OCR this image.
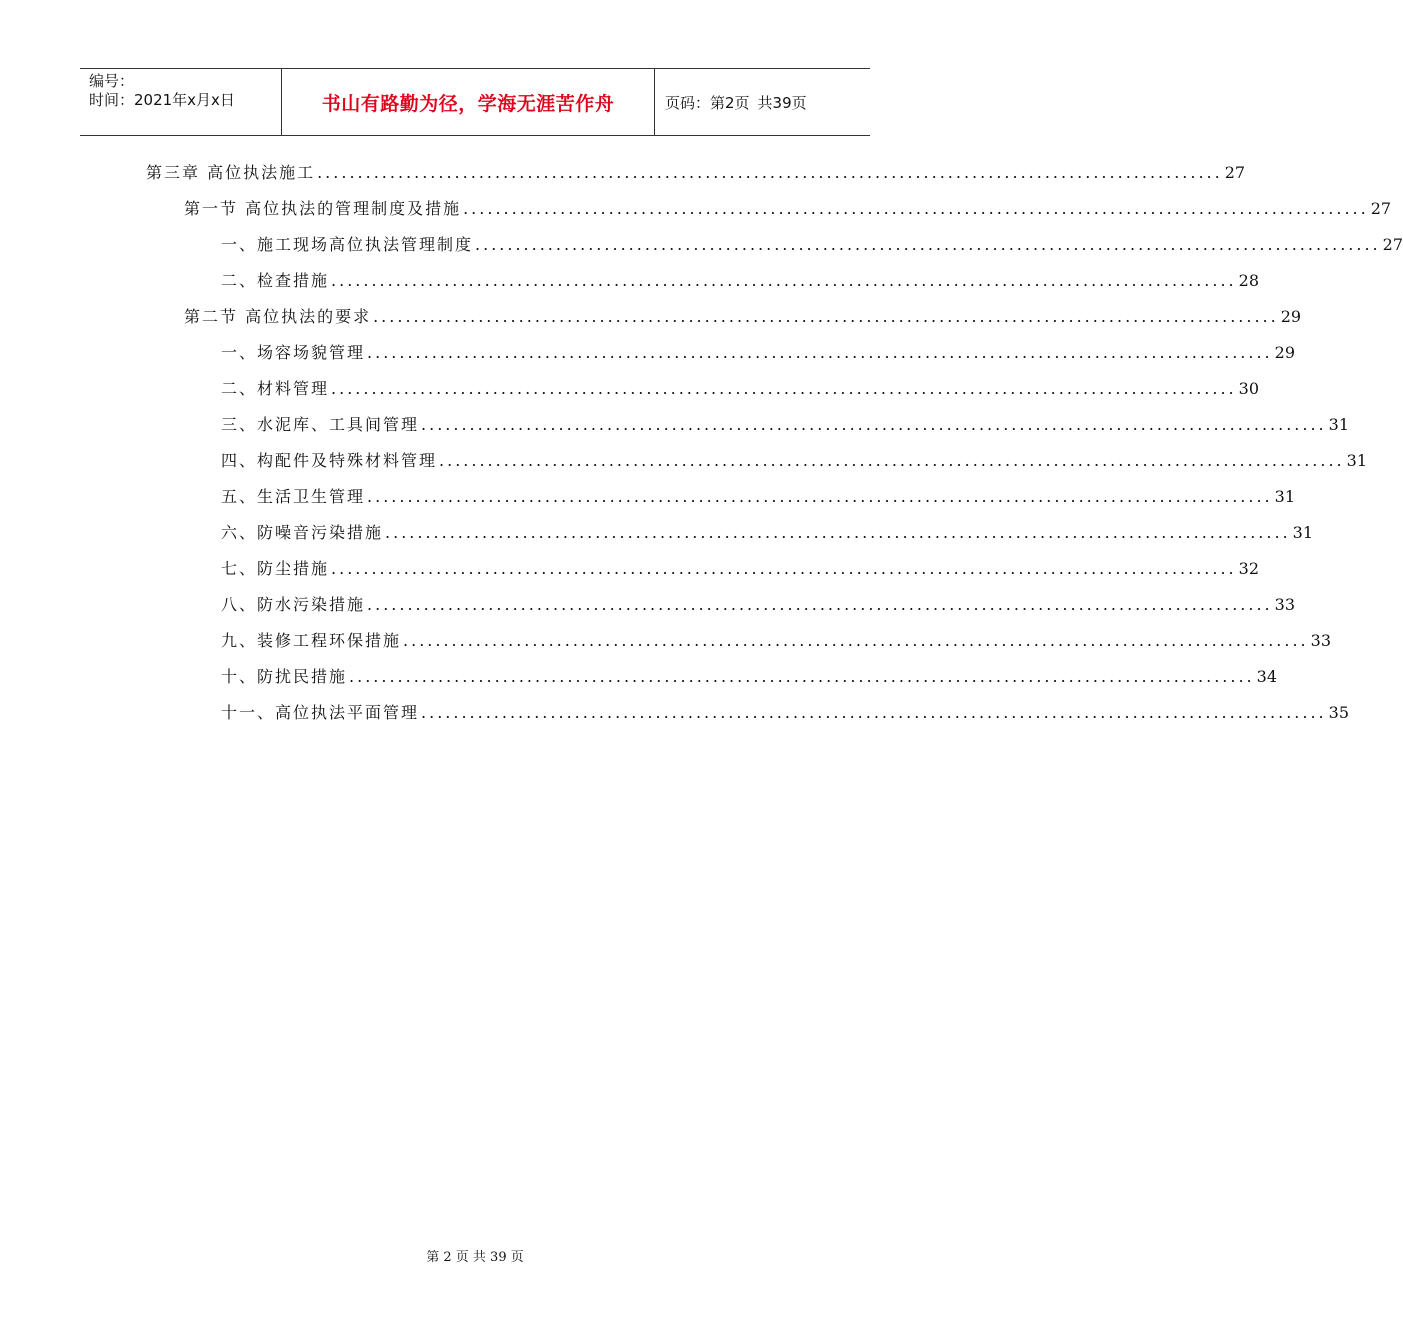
编号：
时间：2021年x月x日	书山有路勤为径，学海无涯苦作舟	页码：第2页 共39页
第三章 高位执法施工 ................................................................................................................ 27
第一节 高位执法的管理制度及措施 ................................................................................................................ 27
一、施工现场高位执法管理制度 ................................................................................................................ 27
二、检查措施 ................................................................................................................ 28
第二节 高位执法的要求 ................................................................................................................ 29
一、场容场貌管理 ................................................................................................................ 29
二、材料管理 ................................................................................................................ 30
三、水泥库、工具间管理 ................................................................................................................ 31
四、构配件及特殊材料管理 ................................................................................................................ 31
五、生活卫生管理 ................................................................................................................ 31
六、防噪音污染措施 ................................................................................................................ 31
七、防尘措施 ................................................................................................................ 32
八、防水污染措施 ................................................................................................................ 33
九、装修工程环保措施 ................................................................................................................ 33
十、防扰民措施 ................................................................................................................ 34
十一、高位执法平面管理 ................................................................................................................ 35
第 2 页 共 39 页
